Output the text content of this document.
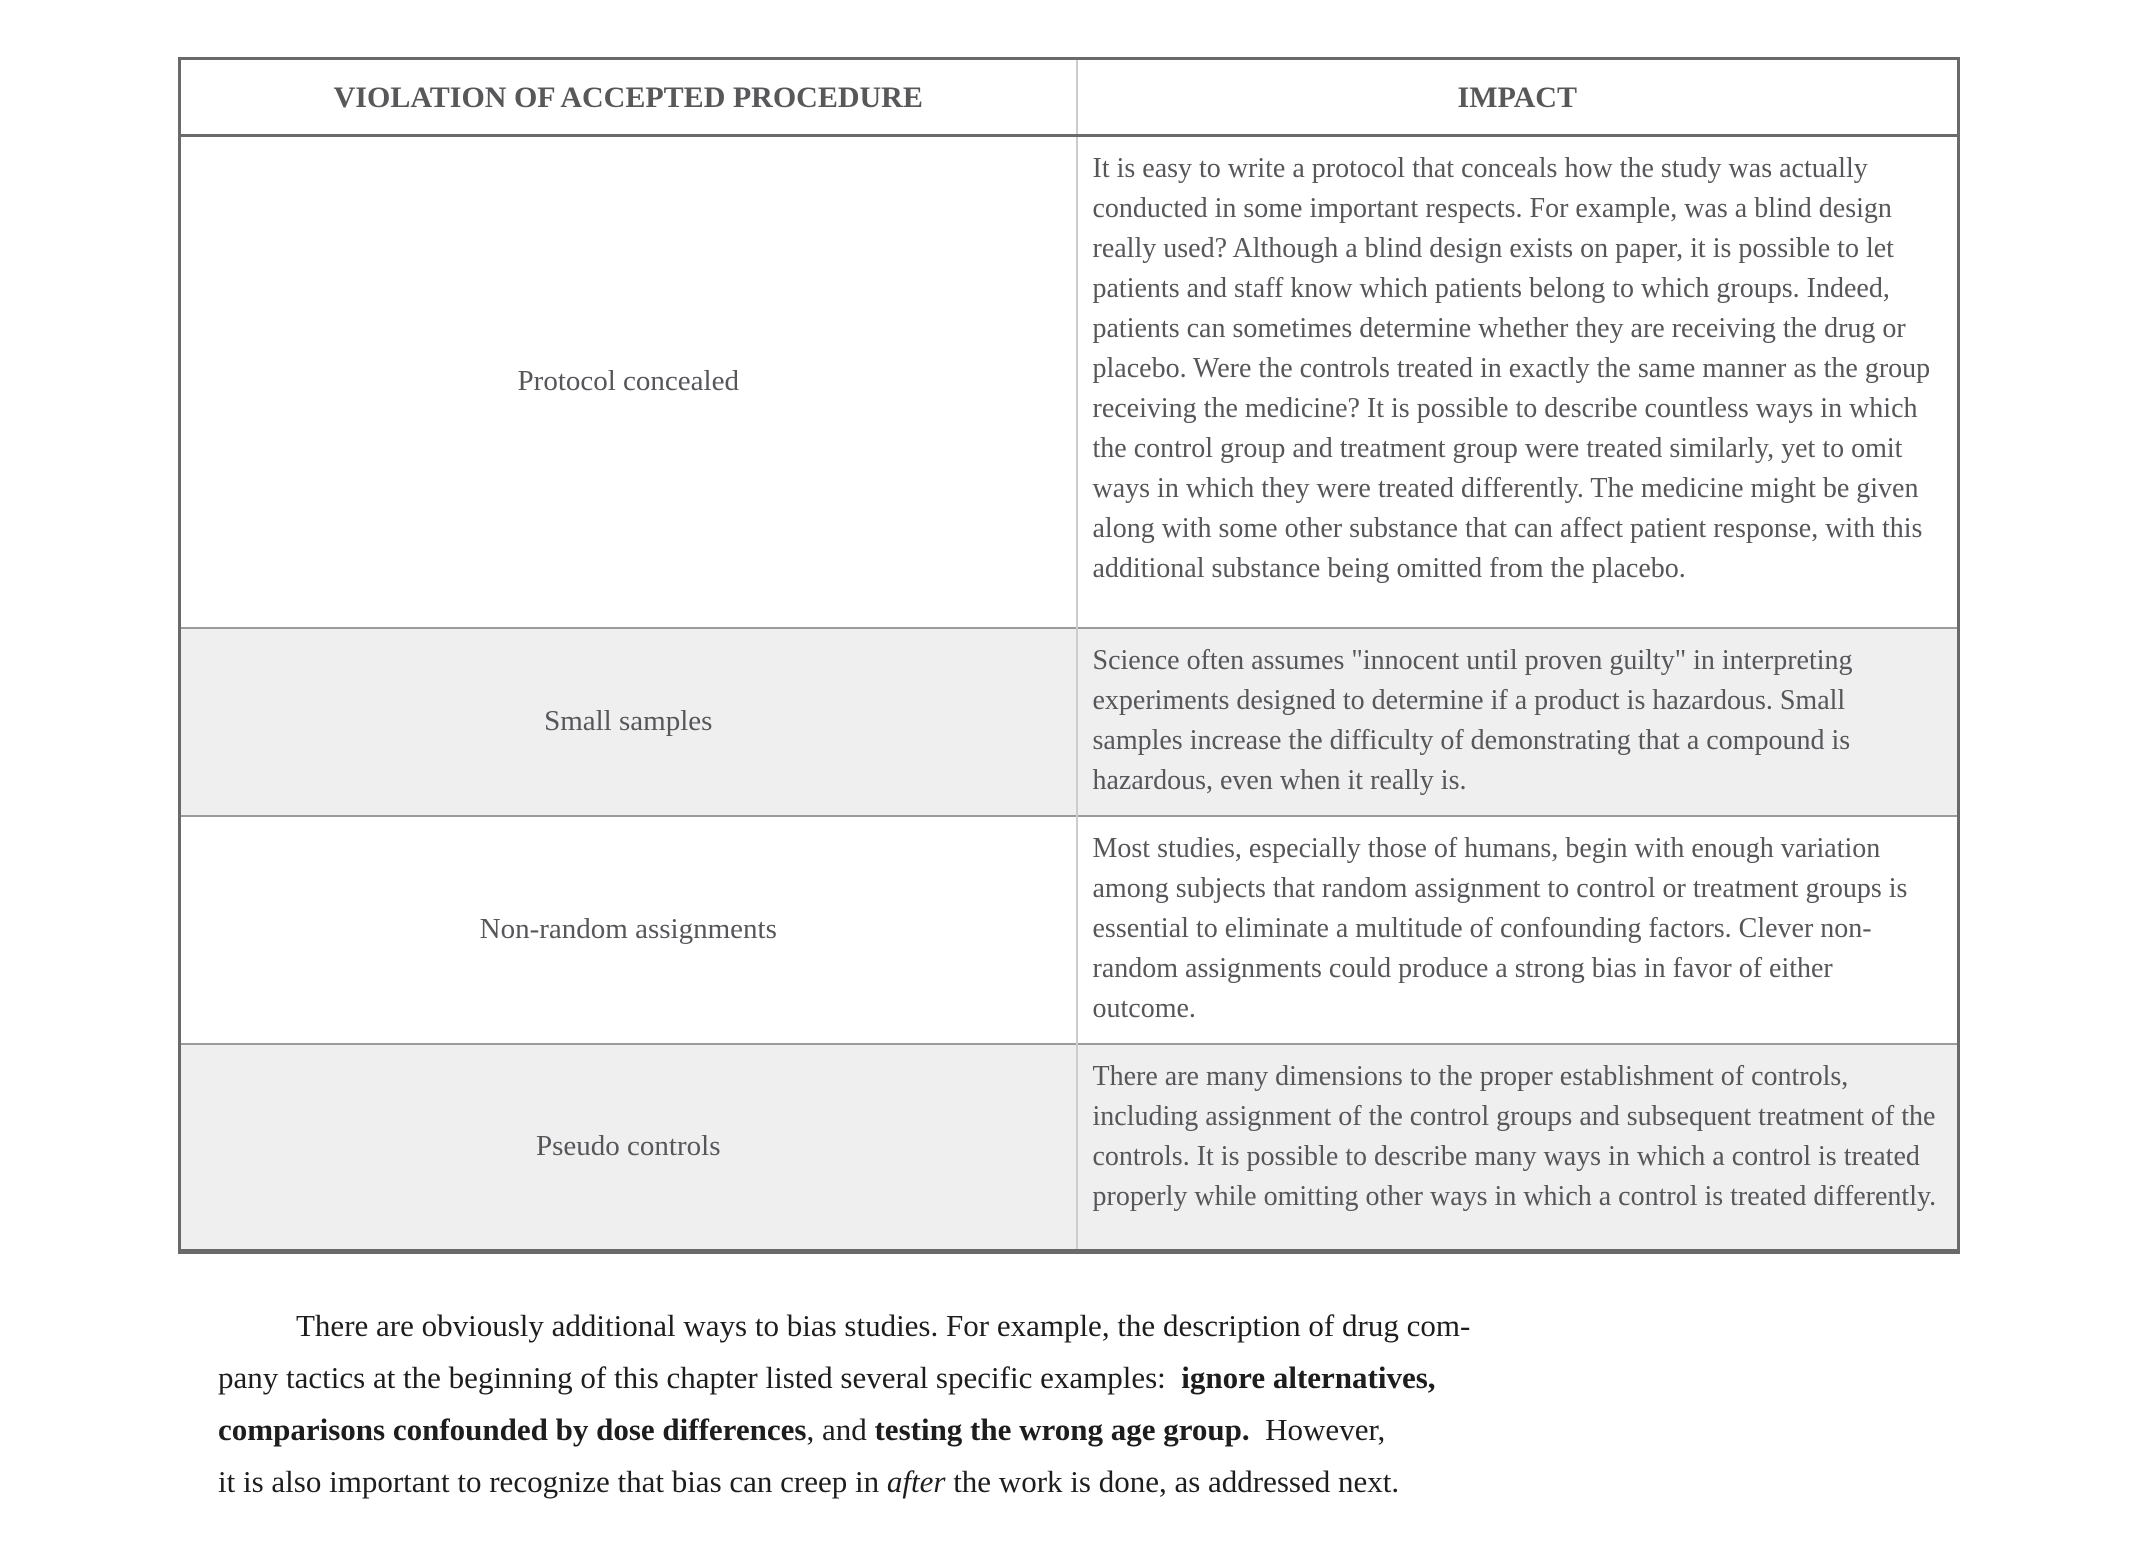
VIOLATION OF ACCEPTED PROCEDURE	IMPACT
Protocol concealed	It is easy to write a protocol that conceals how the study was actually conducted in some important respects. For example, was a blind design really used? Although a blind design exists on paper, it is possible to let patients and staff know which patients belong to which groups. Indeed, patients can sometimes determine whether they are receiving the drug or placebo. Were the controls treated in exactly the same manner as the group receiving the medicine? It is possible to describe countless ways in which the control group and treatment group were treated similarly, yet to omit ways in which they were treated differently. The medicine might be given along with some other substance that can affect patient response, with this additional substance being omitted from the placebo.
Small samples	Science often assumes "innocent until proven guilty" in interpreting experiments designed to determine if a product is hazardous. Small samples increase the difficulty of demonstrating that a compound is hazardous, even when it really is.
Non-random assignments	Most studies, especially those of humans, begin with enough variation among subjects that random assignment to control or treatment groups is essential to eliminate a multitude of confounding factors. Clever non-random assignments could produce a strong bias in favor of either outcome.
Pseudo controls	There are many dimensions to the proper establishment of controls, including assignment of the control groups and subsequent treatment of the controls. It is possible to describe many ways in which a control is treated properly while omitting other ways in which a control is treated differently.
There are obviously additional ways to bias studies. For example, the description of drug com-
pany tactics at the beginning of this chapter listed several specific examples:  ignore alternatives,
comparisons confounded by dose differences, and testing the wrong age group.  However,
it is also important to recognize that bias can creep in after the work is done, as addressed next.
